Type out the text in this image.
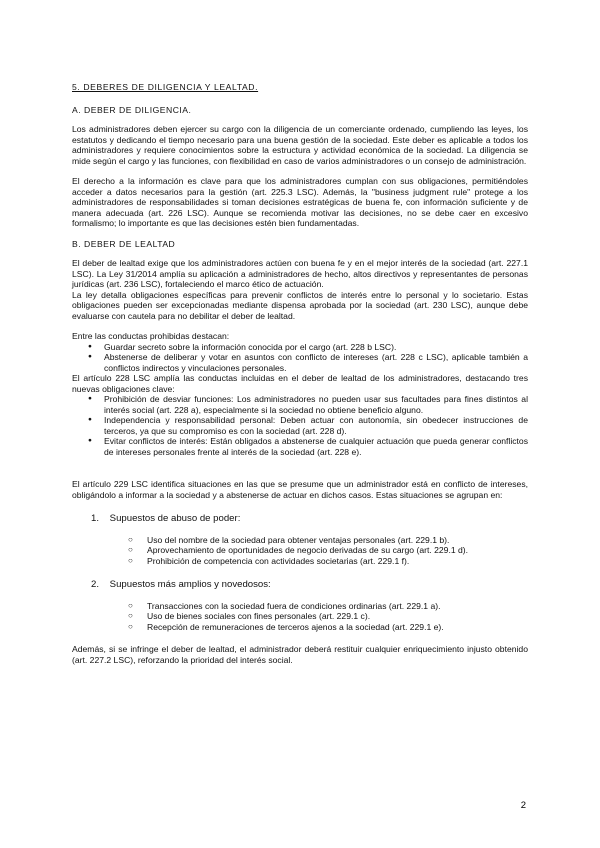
5. DEBERES DE DILIGENCIA Y LEALTAD.

A. DEBER DE DILIGENCIA.

Los administradores deben ejercer su cargo con la diligencia de un comerciante ordenado, cumpliendo las leyes, los estatutos y dedicando el tiempo necesario para una buena gestión de la sociedad. Este deber es aplicable a todos los administradores y requiere conocimientos sobre la estructura y actividad económica de la sociedad. La diligencia se mide según el cargo y las funciones, con flexibilidad en caso de varios administradores o un consejo de administración.

El derecho a la información es clave para que los administradores cumplan con sus obligaciones, permitiéndoles acceder a datos necesarios para la gestión (art. 225.3 LSC). Además, la "business judgment rule" protege a los administradores de responsabilidades si toman decisiones estratégicas de buena fe, con información suficiente y de manera adecuada (art. 226 LSC). Aunque se recomienda motivar las decisiones, no se debe caer en excesivo formalismo; lo importante es que las decisiones estén bien fundamentadas.

B. DEBER DE LEALTAD

El deber de lealtad exige que los administradores actúen con buena fe y en el mejor interés de la sociedad (art. 227.1 LSC). La Ley 31/2014 amplía su aplicación a administradores de hecho, altos directivos y representantes de personas jurídicas (art. 236 LSC), fortaleciendo el marco ético de actuación.

La ley detalla obligaciones específicas para prevenir conflictos de interés entre lo personal y lo societario. Estas obligaciones pueden ser excepcionadas mediante dispensa aprobada por la sociedad (art. 230 LSC), aunque debe evaluarse con cautela para no debilitar el deber de lealtad.

Entre las conductas prohibidas destacan:

● Guardar secreto sobre la información conocida por el cargo (art. 228 b LSC).
● Abstenerse de deliberar y votar en asuntos con conflicto de intereses (art. 228 c LSC), aplicable también a conflictos indirectos y vinculaciones personales.

El artículo 228 LSC amplía las conductas incluidas en el deber de lealtad de los administradores, destacando tres nuevas obligaciones clave:

● Prohibición de desviar funciones: Los administradores no pueden usar sus facultades para fines distintos al interés social (art. 228 a), especialmente si la sociedad no obtiene beneficio alguno.
● Independencia y responsabilidad personal: Deben actuar con autonomía, sin obedecer instrucciones de terceros, ya que su compromiso es con la sociedad (art. 228 d).
● Evitar conflictos de interés: Están obligados a abstenerse de cualquier actuación que pueda generar conflictos de intereses personales frente al interés de la sociedad (art. 228 e).

El artículo 229 LSC identifica situaciones en las que se presume que un administrador está en conflicto de intereses, obligándolo a informar a la sociedad y a abstenerse de actuar en dichos casos. Estas situaciones se agrupan en:

1. Supuestos de abuso de poder:
○ Uso del nombre de la sociedad para obtener ventajas personales (art. 229.1 b).
○ Aprovechamiento de oportunidades de negocio derivadas de su cargo (art. 229.1 d).
○ Prohibición de competencia con actividades societarias (art. 229.1 f).
2. Supuestos más amplios y novedosos:
○ Transacciones con la sociedad fuera de condiciones ordinarias (art. 229.1 a).
○ Uso de bienes sociales con fines personales (art. 229.1 c).
○ Recepción de remuneraciones de terceros ajenos a la sociedad (art. 229.1 e).

Además, si se infringe el deber de lealtad, el administrador deberá restituir cualquier enriquecimiento injusto obtenido (art. 227.2 LSC), reforzando la prioridad del interés social.

2
